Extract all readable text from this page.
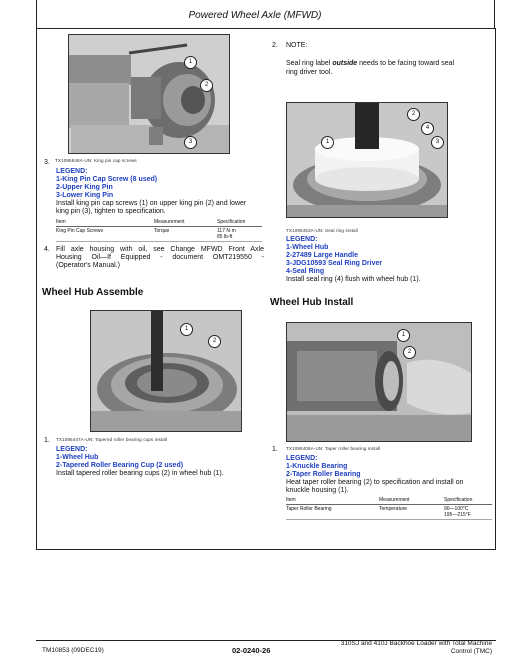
Powered Wheel Axle (MFWD)
1
2
3
TX1095848A-UN: King pin cap screws
3.
LEGEND:
1-King Pin Cap Screw (8 used)
2-Upper King Pin
3-Lower King Pin
Install king pin cap screws (1) on upper king pin (2) and lower
king pin (3), tighten to specification.
Item	Measurement	Specification
King Pin Cap Screws	Torque	117 N·m
85 lb-ft
4. Fill axle housing with oil, see Change MFWD Front Axle
Housing Oil—If Equipped - document OMT219550 -
(Operator's Manual.)
Wheel Hub Assemble
1
2
1. TX1095447A-UN: Tapered roller bearing cups install
LEGEND:
1-Wheel Hub
2-Tapered Roller Bearing Cup (2 used)
Install tapered roller bearing cups (2) in wheel hub (1).
2. NOTE:
Seal ring label outside needs to be facing toward seal
ring driver tool.
2
4
1	3
TX1095453A-UN: Seal ring install
LEGEND:
1-Wheel Hub
2-27489 Large Handle
3-JDG10593 Seal Ring Driver
4-Seal Ring
Install seal ring (4) flush with wheel hub (1).
Wheel Hub Install
1
2
1. TX1095406A-UN: Taper roller bearing install
LEGEND:
1-Knuckle Bearing
2-Taper Roller Bearing
Heat taper roller bearing (2) to specification and install on
knuckle housing (1).
Item	Measurement	Specification
Taper Roller Bearing	Temperature	90—100°C
195—215°F
TM10853 (09DEC19)	02-0240-26
310SJ and 410J Backhoe Loader with Total Machine
Control (TMC)
